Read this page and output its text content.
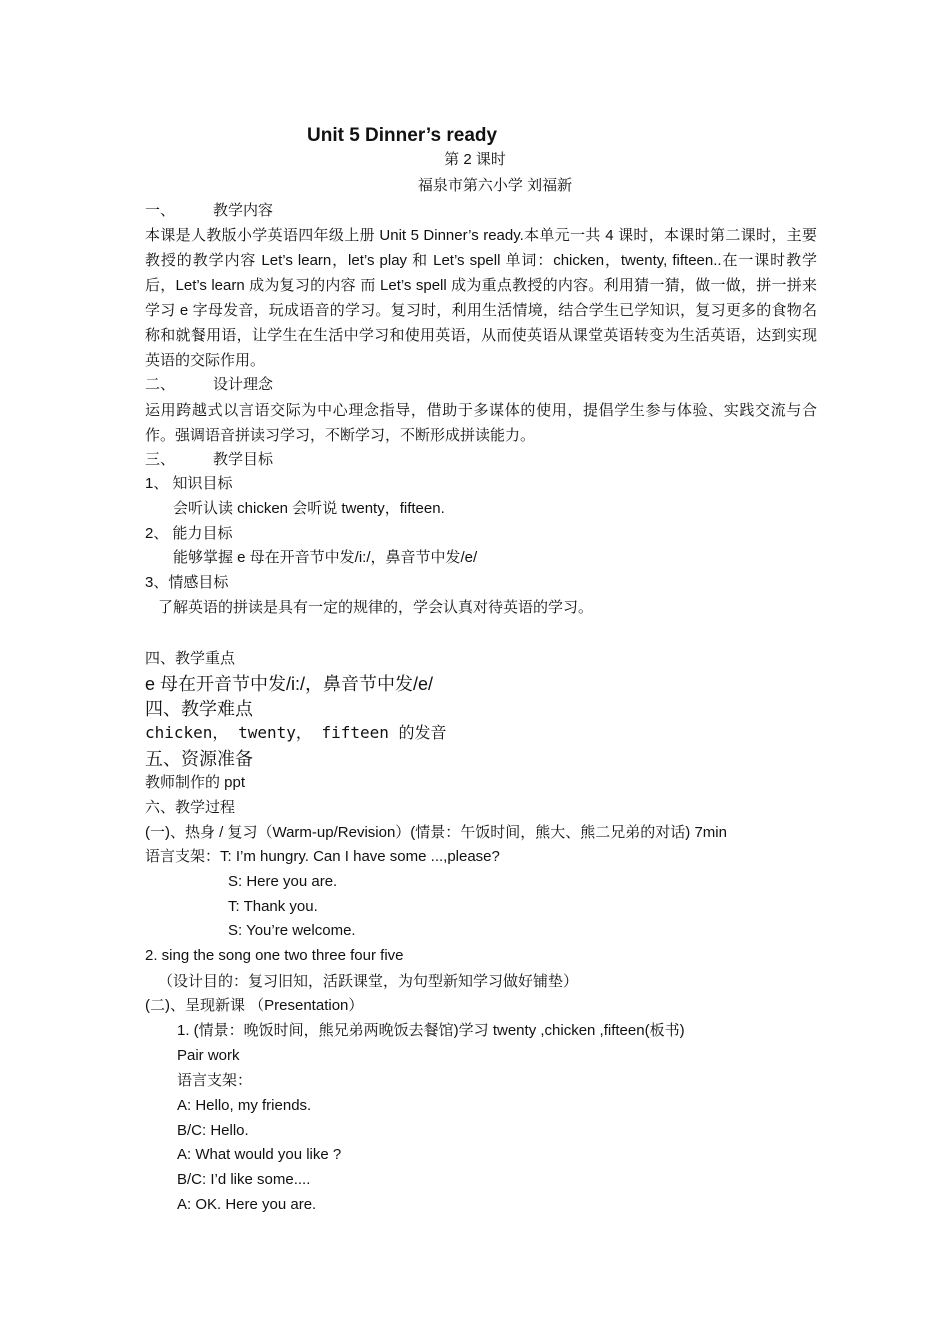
Unit 5 Dinner’s ready
第 2 课时
福泉市第六小学 刘福新
一、	教学内容
本课是人教版小学英语四年级上册 Unit 5 Dinner’s ready.本单元一共 4 课时，本课时第二课时，主要教授的教学内容 Let’s learn，let’s play 和 Let’s spell 单词：chicken，twenty, fifteen..在一课时教学后，Let’s learn 成为复习的内容 而 Let’s spell 成为重点教授的内容。利用猜一猜，做一做，拼一拼来学习 e 字母发音，玩成语音的学习。复习时，利用生活情境，结合学生已学知识，复习更多的食物名称和就餐用语，让学生在生活中学习和使用英语，从而使英语从课堂英语转变为生活英语，达到实现英语的交际作用。
二、	设计理念
运用跨越式以言语交际为中心理念指导，借助于多谋体的使用，提倡学生参与体验、实践交流与合作。强调语音拼读习学习，不断学习，不断形成拼读能力。
三、	教学目标
1、 知识目标
会听认读 chicken 会听说 twenty，fifteen.
2、 能力目标
能够掌握 e 母在开音节中发/i:/，鼻音节中发/e/
3、情感目标
了解英语的拼读是具有一定的规律的，学会认真对待英语的学习。
四、教学重点
e 母在开音节中发/i:/，鼻音节中发/e/
四、教学难点
chicken， twenty， fifteen 的发音
五、资源准备
教师制作的 ppt
六、教学过程
(一)、热身 / 复习（Warm-up/Revision）(情景：午饭时间，熊大、熊二兄弟的对话) 7min
语言支架：T: I’m hungry. Can I have some ...,please?
S: Here you are.
T: Thank you.
S: You’re welcome.
2. sing the song one two three four five
（设计目的：复习旧知，活跃课堂，为句型新知学习做好铺垫）
(二)、呈现新课 （Presentation）
1. (情景：晚饭时间，熊兄弟两晚饭去餐馆)学习 twenty ,chicken ,fifteen(板书)
Pair work
语言支架：
A: Hello, my friends.
B/C: Hello.
A: What would you like ?
B/C: I’d like some....
A: OK. Here you are.
